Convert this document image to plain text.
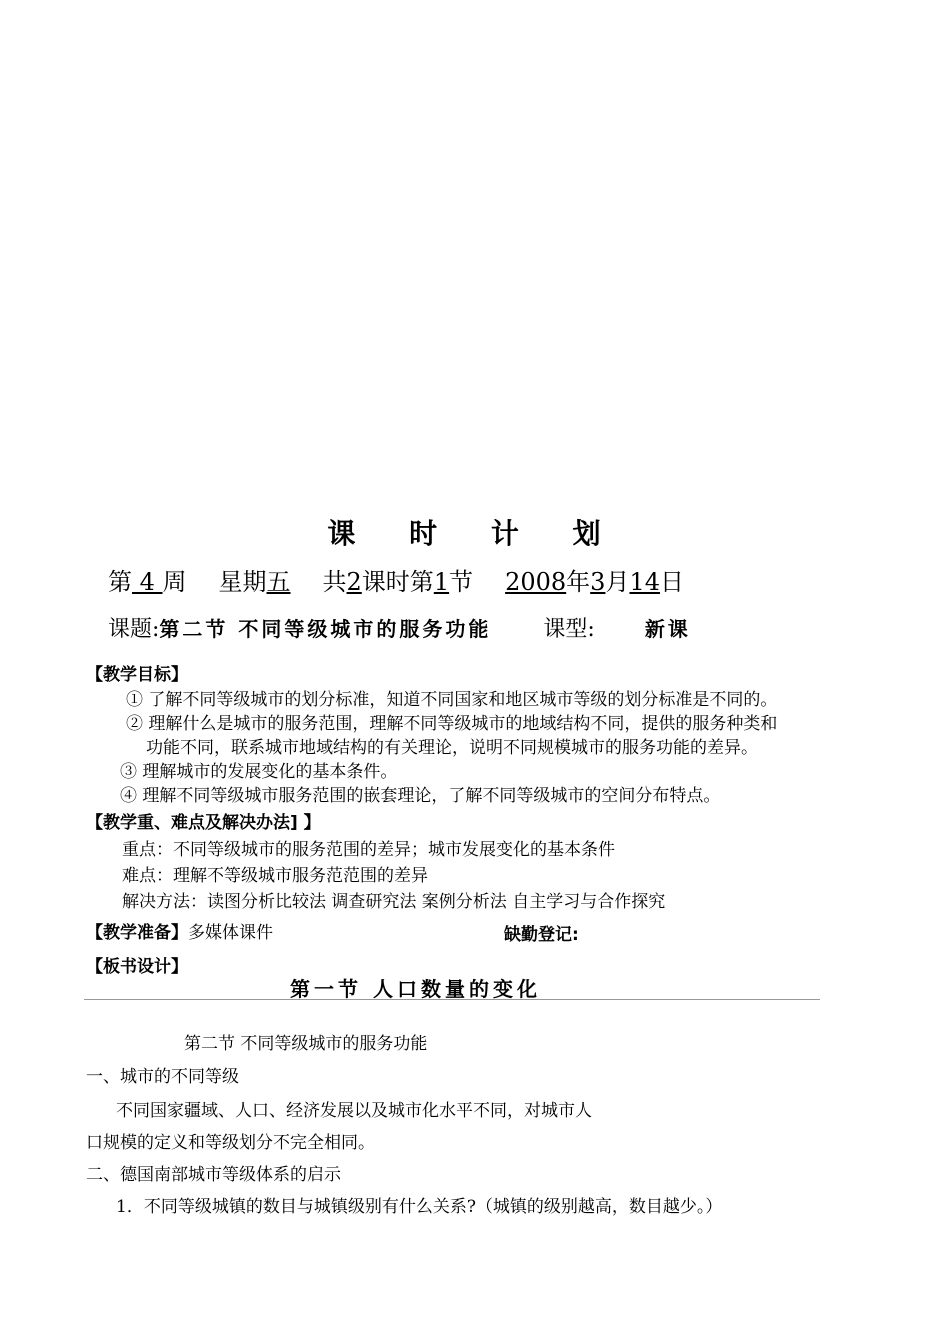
课 时 计 划
第 4 周 星期五 共2课时第1节 2008年3月14日
课题:第二节 不同等级城市的服务功能 课型:	新课
【教学目标】
① 了解不同等级城市的划分标准，知道不同国家和地区城市等级的划分标准是不同的。
② 理解什么是城市的服务范围，理解不同等级城市的地域结构不同，提供的服务种类和
功能不同，联系城市地域结构的有关理论，说明不同规模城市的服务功能的差异。
③ 理解城市的发展变化的基本条件。
④ 理解不同等级城市服务范围的嵌套理论，了解不同等级城市的空间分布特点。
【教学重、难点及解决办法] 】
重点：不同等级城市的服务范围的差异；城市发展变化的基本条件
难点：理解不等级城市服务范范围的差异
解决方法：读图分析比较法 调查研究法 案例分析法 自主学习与合作探究
【教学准备】多媒体课件	缺勤登记:
【板书设计】
第一节 人口数量的变化
第二节 不同等级城市的服务功能
一、城市的不同等级
不同国家疆域、人口、经济发展以及城市化水平不同，对城市人
口规模的定义和等级划分不完全相同。
二、德国南部城市等级体系的启示
1．不同等级城镇的数目与城镇级别有什么关系?（城镇的级别越高，数目越少。）
